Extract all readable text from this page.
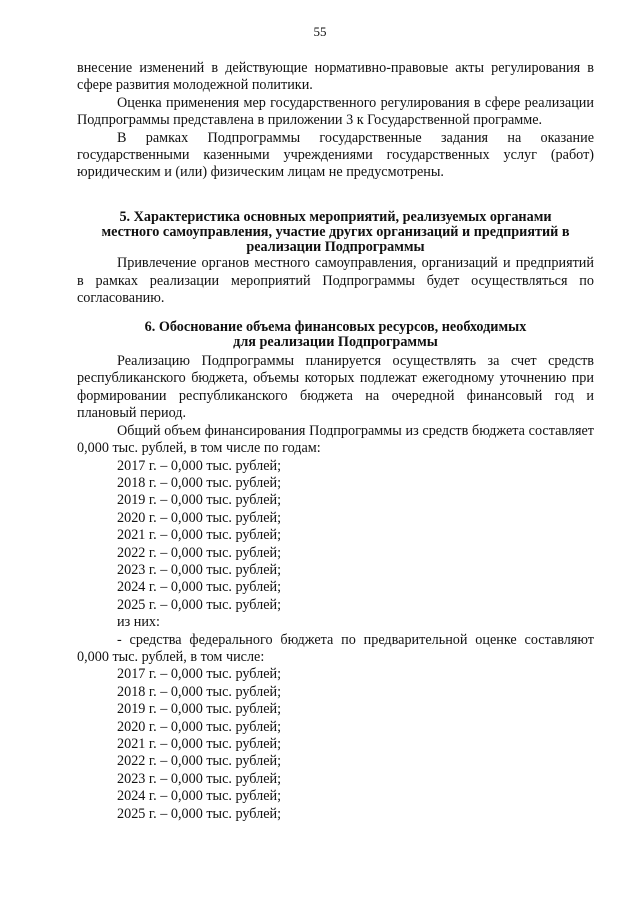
55

внесение изменений в действующие нормативно-правовые акты регулирования в сфере развития молодежной политики.

Оценка применения мер государственного регулирования в сфере реализации Подпрограммы представлена в приложении 3 к Государственной программе.

В рамках Подпрограммы государственные задания на оказание государственными казенными учреждениями государственных услуг (работ) юридическим и (или) физическим лицам не предусмотрены.

5. Характеристика основных мероприятий, реализуемых органами
местного самоуправления, участие других организаций и предприятий в
реализации Подпрограммы

Привлечение органов местного самоуправления, организаций и предприятий в рамках реализации мероприятий Подпрограммы будет осуществляться по согласованию.

6. Обоснование объема финансовых ресурсов, необходимых
для реализации Подпрограммы

Реализацию Подпрограммы планируется осуществлять за счет средств республиканского бюджета, объемы которых подлежат ежегодному уточнению при формировании республиканского бюджета на очередной финансовый год и плановый период.

Общий объем финансирования Подпрограммы из средств бюджета составляет 0,000 тыс. рублей, в том числе по годам:

2017 г. – 0,000 тыс. рублей;

2018 г. – 0,000 тыс. рублей;

2019 г. – 0,000 тыс. рублей;

2020 г. – 0,000 тыс. рублей;

2021 г. – 0,000 тыс. рублей;

2022 г. – 0,000 тыс. рублей;

2023 г. – 0,000 тыс. рублей;

2024 г. – 0,000 тыс. рублей;

2025 г. – 0,000 тыс. рублей;

из них:

- средства федерального бюджета по предварительной оценке составляют 0,000 тыс. рублей, в том числе:

2017 г. – 0,000 тыс. рублей;

2018 г. – 0,000 тыс. рублей;

2019 г. – 0,000 тыс. рублей;

2020 г. – 0,000 тыс. рублей;

2021 г. – 0,000 тыс. рублей;

2022 г. – 0,000 тыс. рублей;

2023 г. – 0,000 тыс. рублей;

2024 г. – 0,000 тыс. рублей;

2025 г. – 0,000 тыс. рублей;
